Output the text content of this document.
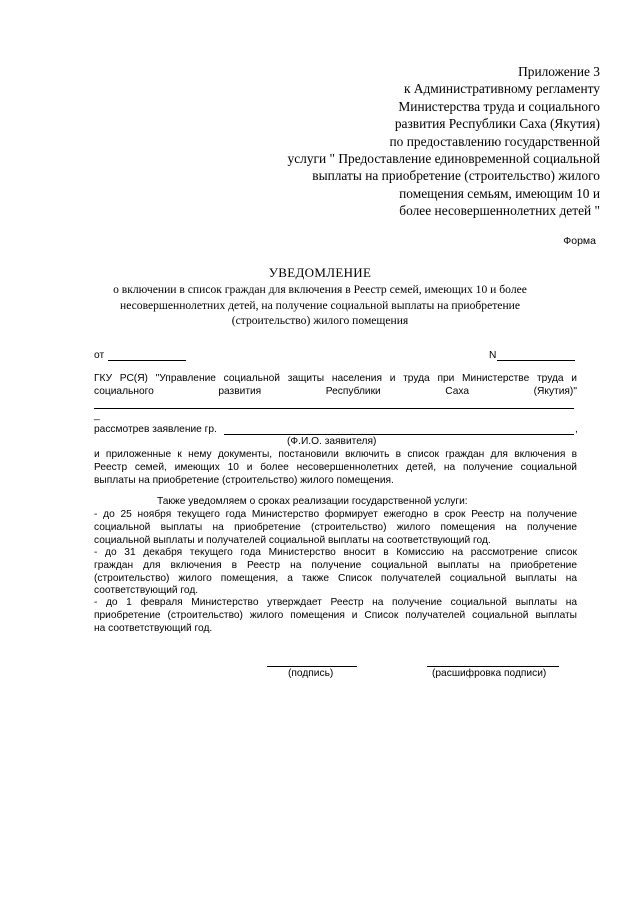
Приложение 3
к Административному регламенту
Министерства труда и социального
развития Республики Саха (Якутия)
по предоставлению государственной
услуги " Предоставление единовременной социальной
выплаты на приобретение (строительство) жилого
помещения семьям, имеющим 10 и
более несовершеннолетних детей "
Форма
УВЕДОМЛЕНИЕ
о включении в список граждан для включения в Реестр семей, имеющих 10 и более
несовершеннолетних детей, на получение социальной выплаты на приобретение
(строительство) жилого помещения
от	N
ГКУ РС(Я) "Управление социальной защиты населения и труда при Министерстве труда и
социального	развития	Республики	Саха	(Якутия)"
_
рассмотрев заявление гр.	,
(Ф.И.О. заявителя)

и приложенные к нему документы, постановили включить в список граждан для включения в

Реестр семей, имеющих 10 и более несовершеннолетних детей, на получение социальной

выплаты на приобретение (строительство) жилого помещения.

Также уведомляем о сроках реализации государственной услуги:

- до 25 ноября текущего года Министерство формирует ежегодно в срок Реестр на получение

социальной выплаты на приобретение (строительство) жилого помещения на получение

социальной выплаты и получателей социальной выплаты на соответствующий год.

- до 31 декабря текущего года Министерство вносит в Комиссию на рассмотрение список

граждан для включения в Реестр на получение социальной выплаты на приобретение

(строительство) жилого помещения, а также Список получателей социальной выплаты на

соответствующий год.

- до 1 февраля Министерство утверждает Реестр на получение социальной выплаты на

приобретение (строительство) жилого помещения и Список получателей социальной выплаты

на соответствующий год.

(подпись)	(расшифровка подписи)
